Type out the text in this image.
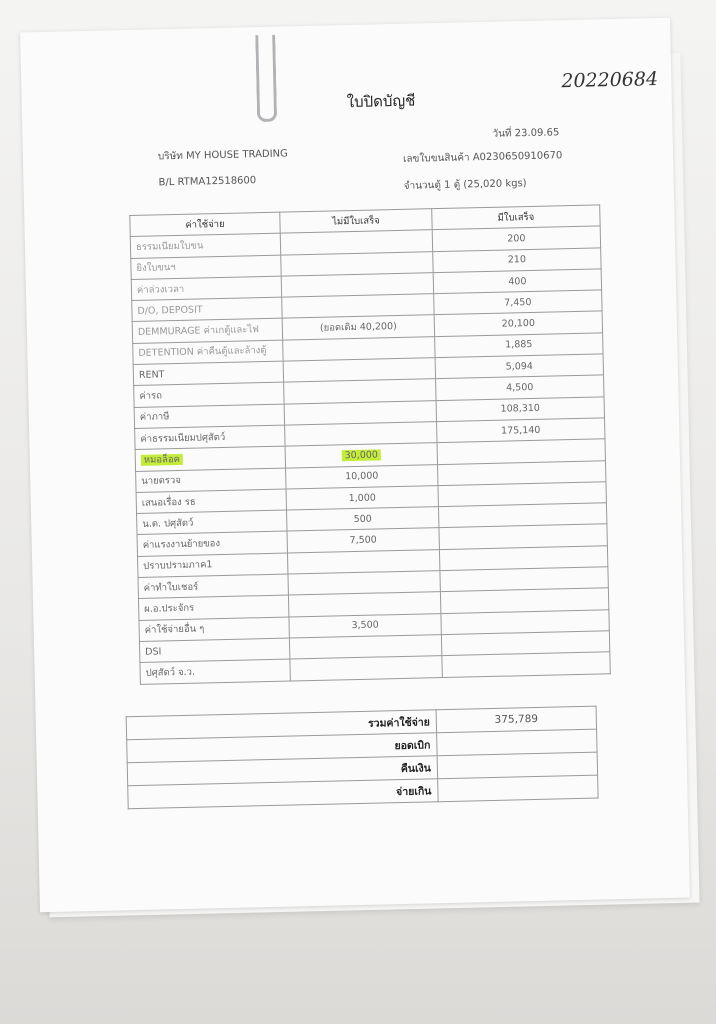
20220684
ใบปิดบัญชี
วันที่ 23.09.65
บริษัท MY HOUSE TRADING	เลขใบขนสินค้า A0230650910670
B/L RTMA12518600	จำนวนตู้ 1 ตู้ (25,020 kgs)
ค่าใช้จ่าย	ไม่มีใบเสร็จ	มีใบเสร็จ
ธรรมเนียมใบขน		200
ยิงใบขนฯ		210
ค่าล่วงเวลา		400
D/O, DEPOSIT		7,450
DEMMURAGE ค่าเกตู้และไฟ	(ยอดเดิม 40,200)	20,100
DETENTION ค่าคืนตู้และล้างตู้		1,885
RENT		5,094
ค่ารถ		4,500
ค่าภาษี		108,310
ค่าธรรมเนียมปศุสัตว์		175,140
หมอล็อค	30,000	
นายตรวจ	10,000	
เสนอเรื่อง รธ	1,000	
น.ต. ปศุสัตว์	500	
ค่าแรงงานย้ายของ	7,500	
ปราบปรามภาค1		
ค่าทำใบเชอร์		
ผ.อ.ประจักร		
ค่าใช้จ่ายอื่น ๆ	3,500	
DSI		
ปศุสัตว์ จ.ว.		
รวมค่าใช้จ่าย	375,789
ยอดเบิก	
คืนเงิน	
จ่ายเกิน	
